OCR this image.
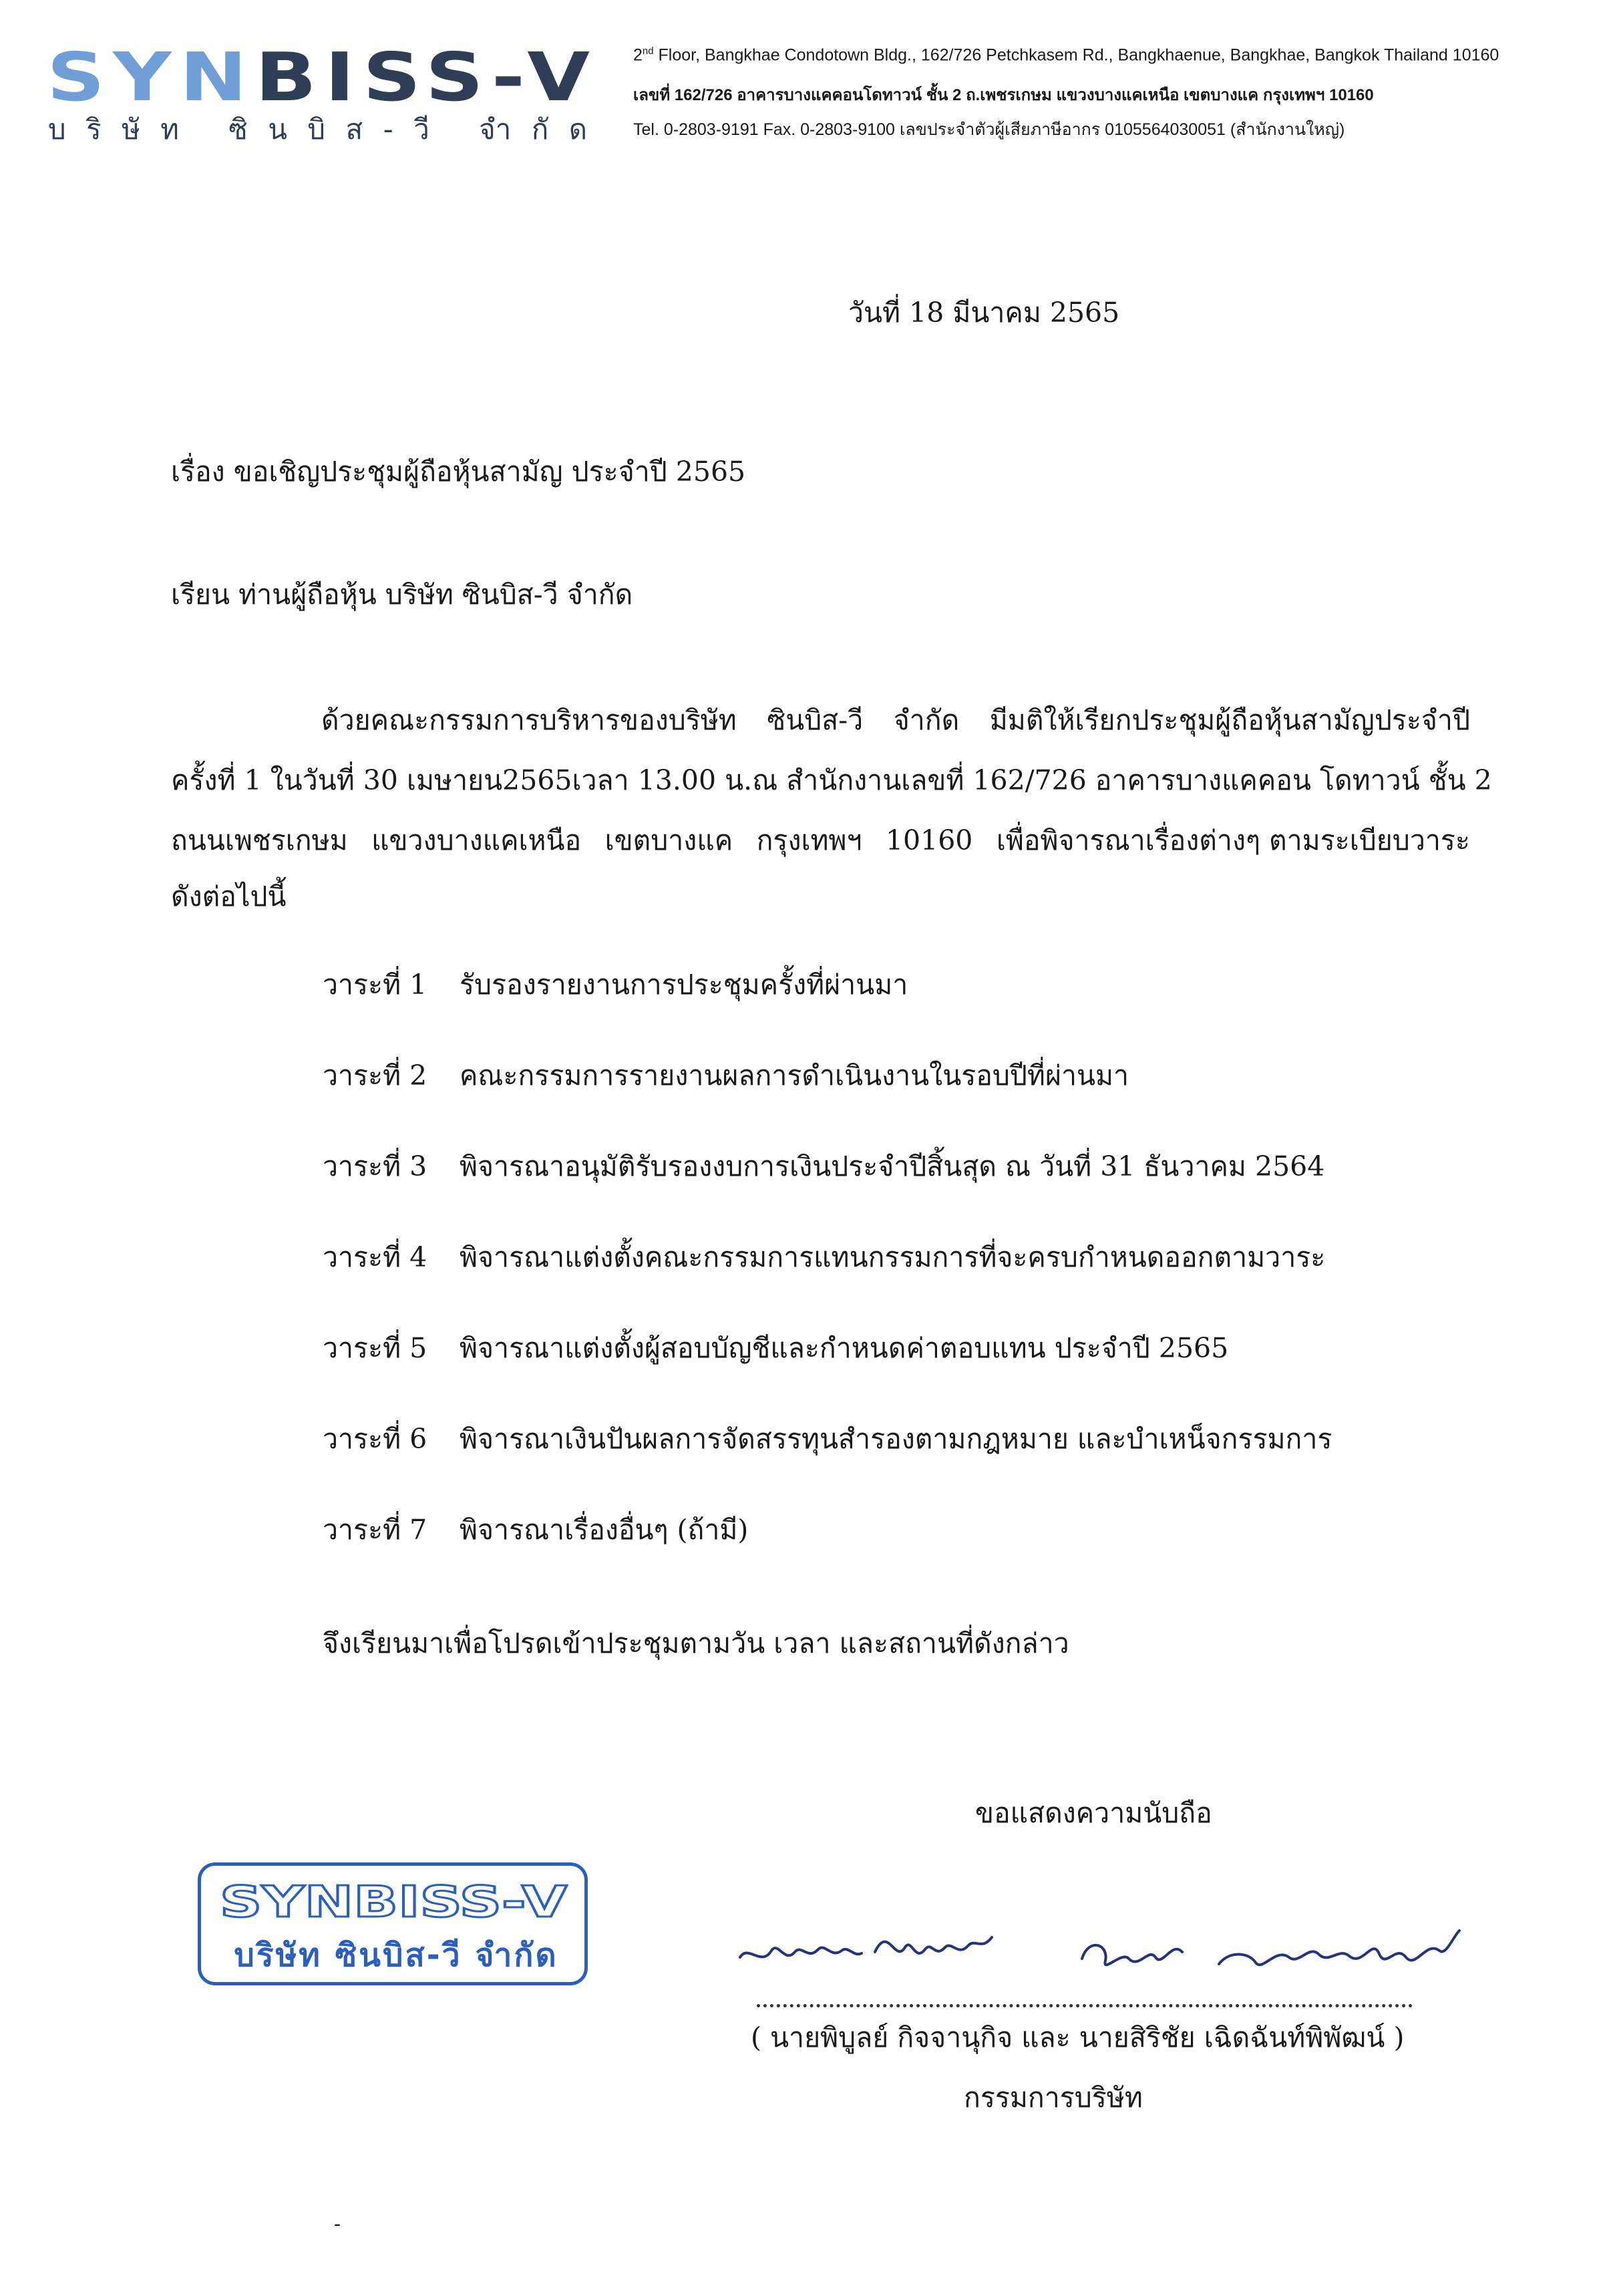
SYN BISS-V
บริษัท ซินบิส-วี จำกัด
2nd Floor, Bangkhae Condotown Bldg., 162/726 Petchkasem Rd., Bangkhaenue, Bangkhae, Bangkok Thailand 10160
เลขที่ 162/726 อาคารบางแคคอนโดทาวน์ ชั้น 2 ถ.เพชรเกษม แขวงบางแคเหนือ เขตบางแค กรุงเทพฯ 10160
Tel. 0-2803-9191 Fax. 0-2803-9100 เลขประจำตัวผู้เสียภาษีอากร 0105564030051 (สำนักงานใหญ่)
วันที่ 18 มีนาคม 2565
เรื่อง ขอเชิญประชุมผู้ถือหุ้นสามัญ ประจำปี 2565
เรียน ท่านผู้ถือหุ้น บริษัท ซินบิส-วี จำกัด
ด้วยคณะกรรมการบริหารของบริษัท ซินบิส-วี จำกัด มีมติให้เรียกประชุมผู้ถือหุ้นสามัญประจำปี
ครั้งที่ 1 ในวันที่ 30 เมษายน 2565 เวลา 13.00 น. ณ สำนักงานเลขที่ 162/726 อาคารบางแคคอน โดทาวน์ ชั้น 2
ถนนเพชรเกษม แขวงบางแคเหนือ เขตบางแค กรุงเทพฯ 10160 เพื่อพิจารณาเรื่องต่างๆ ตามระเบียบวาระ
ดังต่อไปนี้
วาระที่ 1 รับรองรายงานการประชุมครั้งที่ผ่านมา
วาระที่ 2 คณะกรรมการรายงานผลการดำเนินงานในรอบปีที่ผ่านมา
วาระที่ 3 พิจารณาอนุมัติรับรองงบการเงินประจำปีสิ้นสุด ณ วันที่ 31 ธันวาคม 2564
วาระที่ 4 พิจารณาแต่งตั้งคณะกรรมการแทนกรรมการที่จะครบกำหนดออกตามวาระ
วาระที่ 5 พิจารณาแต่งตั้งผู้สอบบัญชีและกำหนดค่าตอบแทน ประจำปี 2565
วาระที่ 6 พิจารณาเงินปันผลการจัดสรรทุนสำรองตามกฎหมาย และบำเหน็จกรรมการ
วาระที่ 7 พิจารณาเรื่องอื่นๆ (ถ้ามี)
จึงเรียนมาเพื่อโปรดเข้าประชุมตามวัน เวลา และสถานที่ดังกล่าว
ขอแสดงความนับถือ
SYNBISS-V
บริษัท ซินบิส-วี จำกัด
( นายพิบูลย์ กิจจานุกิจ และ นายสิริชัย เฉิดฉันท์พิพัฒน์ )
กรรมการบริษัท
-
